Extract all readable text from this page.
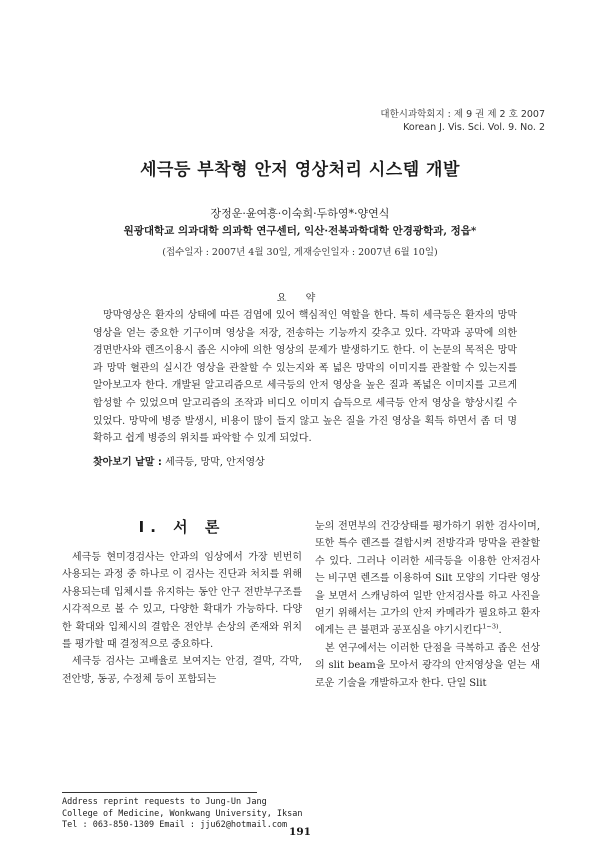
대한시과학회지 : 제 9 권 제 2 호 2007
Korean J. Vis. Sci. Vol. 9. No. 2
세극등 부착형 안저 영상처리 시스템 개발
장정운·윤여흥·이숙희·두하영*·양연식
원광대학교 의과대학 의과학 연구센터, 익산·전북과학대학 안경광학과, 정읍*
(접수일자 : 2007년 4월 30일, 게재승인일자 : 2007년 6월 10일)
요 약
망막영상은 환자의 상태에 따른 검엽에 있어 핵심적인 역할을 한다. 특히 세극등은 환자의 망막영상을 얻는 중요한 기구이며 영상을 저장, 전송하는 기능까지 갖추고 있다. 각막과 공막에 의한 경면반사와 렌즈이용시 좁은 시야에 의한 영상의 문제가 발생하기도 한다. 이 논문의 목적은 망막과 망막 혈관의 실시간 영상을 관찰할 수 있는지와 폭 넓은 망막의 이미지를 관찰할 수 있는지를 알아보고자 한다. 개발된 알고리즘으로 세극등의 안저 영상을 높은 질과 폭넓은 이미지를 고르게 합성할 수 있었으며 알고리즘의 조작과 비디오 이미지 습득으로 세극등 안저 영상을 향상시킬 수 있었다. 망막에 병증 발생시, 비용이 많이 들지 않고 높은 질을 가진 영상을 획득 하면서 좀 더 명확하고 쉽게 병증의 위치를 파악할 수 있게 되었다.
찾아보기 낱말 : 세극등, 망막, 안저영상
Ⅰ. 서 론

세극등 현미경검사는 안과의 임상에서 가장 빈번히 사용되는 과정 중 하나로 이 검사는 진단과 처치를 위해 사용되는데 입체시를 유지하는 동안 안구 전반부구조를 시각적으로 볼 수 있고, 다양한 확대가 가능하다. 다양한 확대와 입체시의 결합은 전안부 손상의 존재와 위치를 평가할 때 결정적으로 중요하다.

세극등 검사는 고배율로 보여지는 안검, 결막, 각막, 전안방, 동공, 수정체 등이 포함되는

눈의 전면부의 건강상태를 평가하기 위한 검사이며, 또한 특수 렌즈를 결합시켜 전방각과 망막을 관찰할 수 있다. 그러나 이러한 세극등을 이용한 안저검사는 비구면 렌즈를 이용하여 Silt 모양의 기다란 영상을 보면서 스캐닝하여 일반 안저검사를 하고 사진을 얻기 위해서는 고가의 안저 카메라가 필요하고 환자에게는 큰 불편과 공포심을 야기시킨다$^{1\sim 3)}$.

본 연구에서는 이러한 단점을 극복하고 좁은 선상의 slit beam을 모아서 광각의 안저영상을 얻는 새로운 기술을 개발하고자 한다. 단일 Slit

Address reprint requests to Jung-Un Jang
College of Medicine, Wonkwang University, Iksan
Tel : 063-850-1309 Email : jju62@hotmail.com
191
